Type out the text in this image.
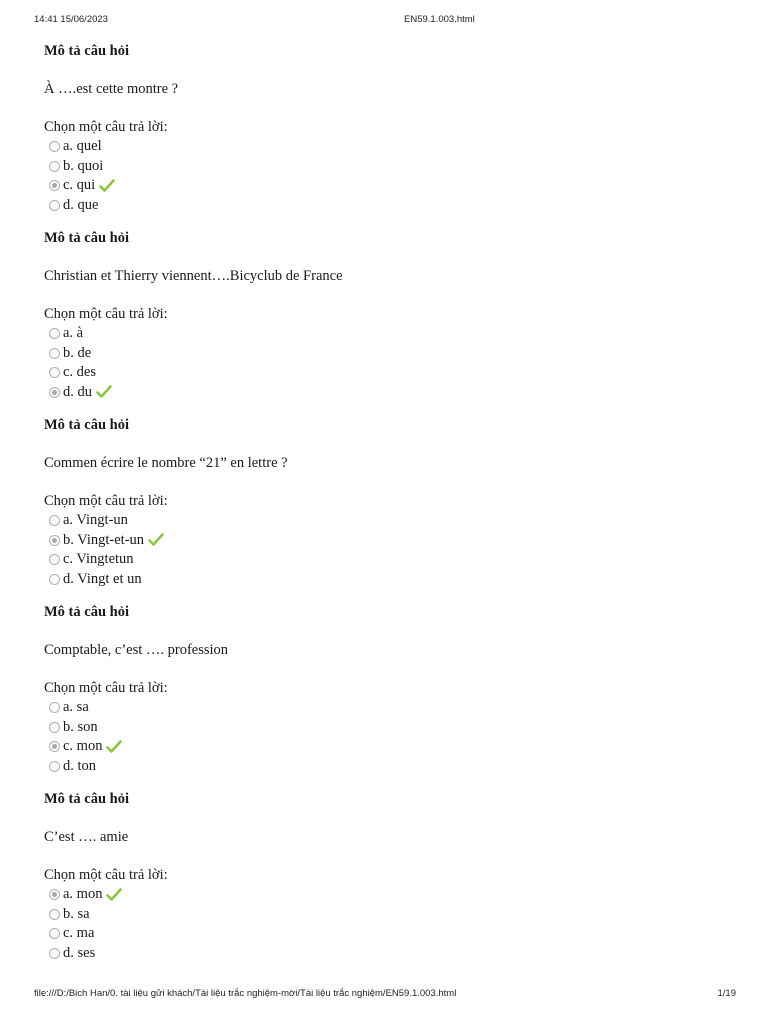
14:41 15/06/2023	EN59.1.003.html

Mô tả câu hỏi

À ….est cette montre ?

Chọn một câu trả lời:
a. quel
b. quoi
c. qui
d. que

Mô tả câu hỏi

Christian et Thierry viennent….Bicyclub de France

Chọn một câu trả lời:
a. à
b. de
c. des
d. du

Mô tả câu hỏi

Commen écrire le nombre “21” en lettre ?

Chọn một câu trả lời:
a. Vingt-un
b. Vingt-et-un
c. Vingtetun
d. Vingt et un

Mô tả câu hỏi

Comptable, c’est …. profession

Chọn một câu trả lời:
a. sa
b. son
c. mon
d. ton

Mô tả câu hỏi

C’est …. amie

Chọn một câu trả lời:
a. mon
b. sa
c. ma
d. ses
file:///D:/Bich Han/0. tài liệu gửi khách/Tài liệu trắc nghiệm-mới/Tài liệu trắc nghiệm/EN59.1.003.html	1/19
